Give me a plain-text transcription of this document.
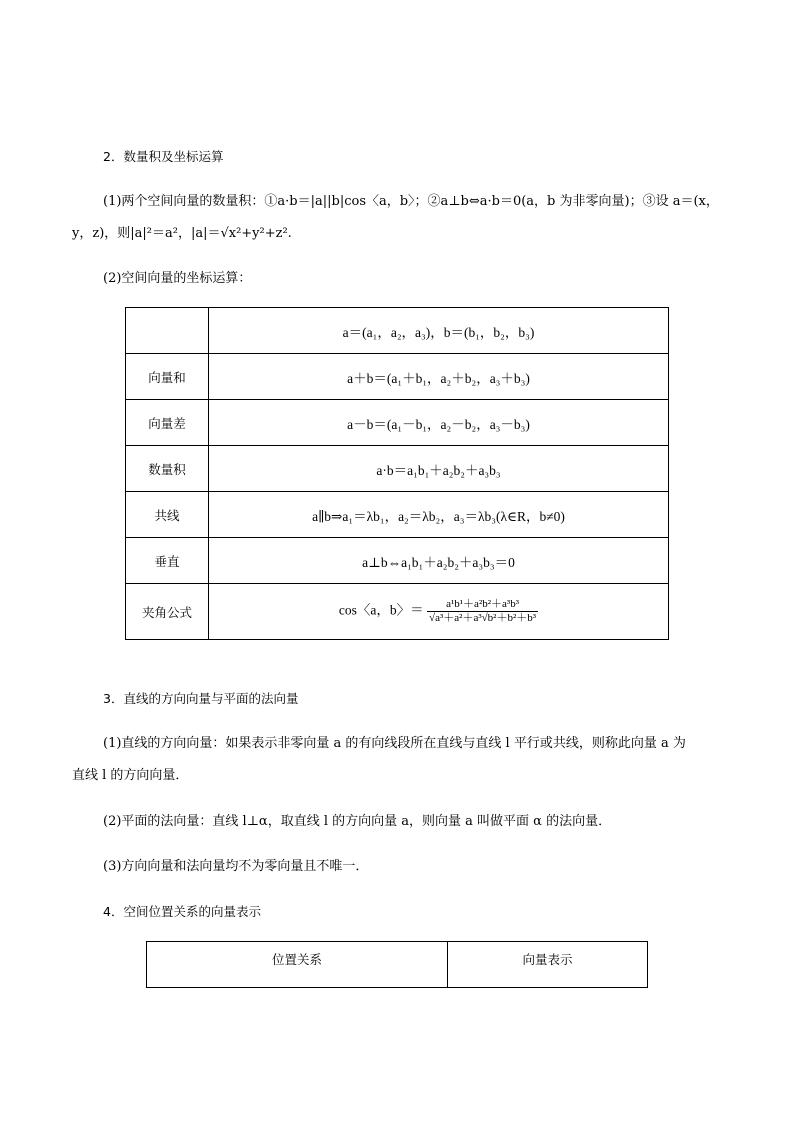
2．数量积及坐标运算
(1)两个空间向量的数量积：①a·b＝|a||b|cos〈a，b〉；②a⊥b⇔a·b＝0(a，b 为非零向量)；③设 a＝(x，
y，z)，则|a|²＝a²，|a|＝√x²+y²+z².
(2)空间向量的坐标运算：
	a＝(a₁，a₂，a₃)，b＝(b₁，b₂，b₃)
向量和	a＋b＝(a₁＋b₁，a₂＋b₂，a₃＋b₃)
向量差	a－b＝(a₁－b₁，a₂－b₂，a₃－b₃)
数量积	a·b＝a₁b₁＋a₂b₂＋a₃b₃
共线	a∥b⇒a₁＝λb₁，a₂＝λb₂，a₃＝λb₃(λ∈R，b≠0)
垂直	a⊥b⇔a₁b₁＋a₂b₂＋a₃b₃＝0
夹角公式	cos〈a，b〉＝ $\frac{\text{a¹b¹＋a²b²＋a³b³}}{\text{√a³＋a²＋a³√b²＋b²＋b³}}$
3．直线的方向向量与平面的法向量
(1)直线的方向向量：如果表示非零向量 a 的有向线段所在直线与直线 l 平行或共线，则称此向量 a 为
直线 l 的方向向量．
(2)平面的法向量：直线 l⊥α，取直线 l 的方向向量 a，则向量 a 叫做平面 α 的法向量．
(3)方向向量和法向量均不为零向量且不唯一．
4．空间位置关系的向量表示
位置关系	向量表示
